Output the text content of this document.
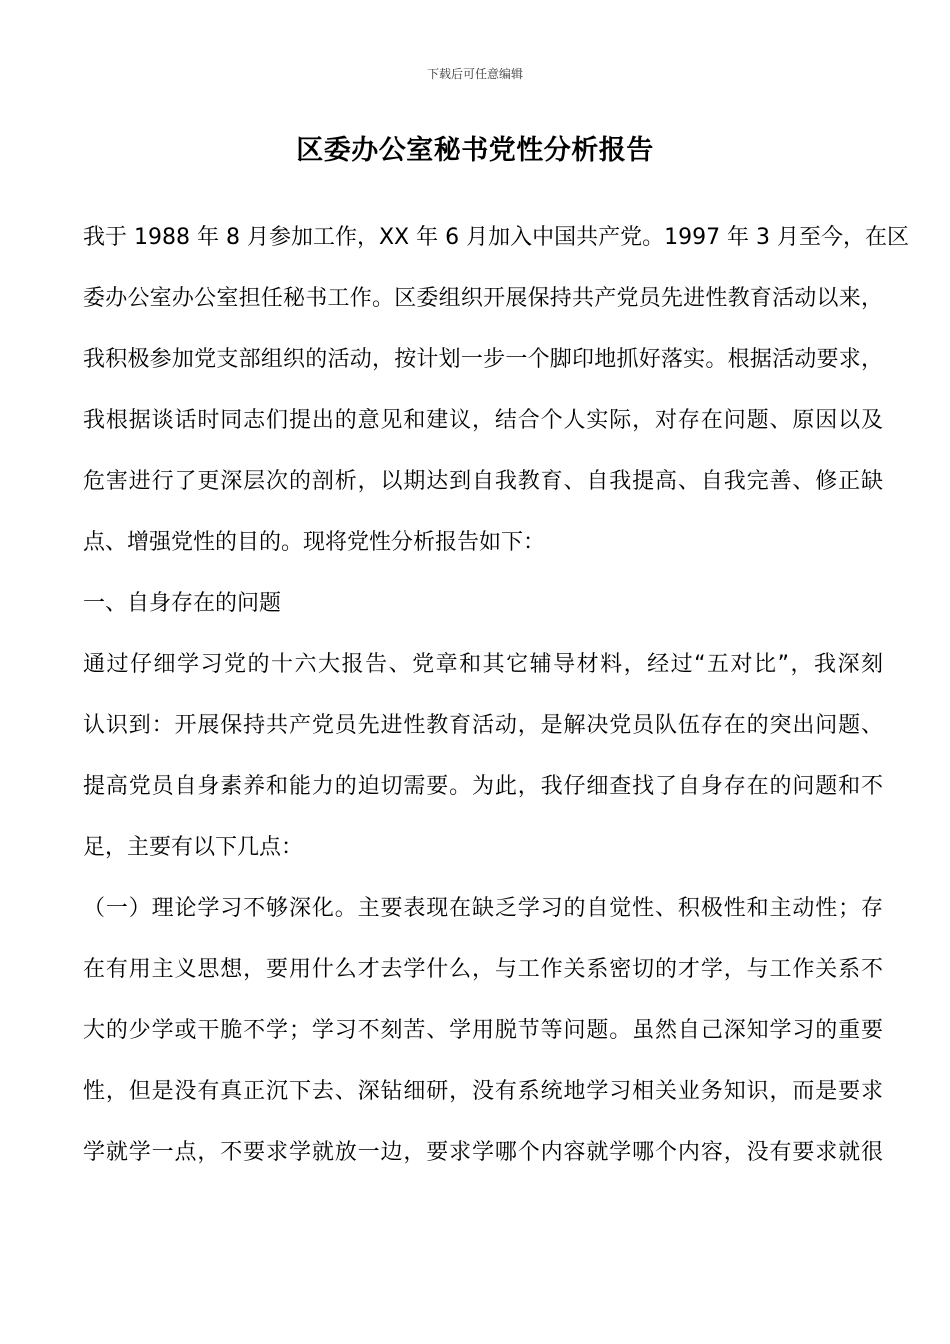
下载后可任意编辑
区委办公室秘书党性分析报告
我于 1988 年 8 月参加工作，XX 年 6 月加入中国共产党。1997 年 3 月至今，在区
委办公室办公室担任秘书工作。区委组织开展保持共产党员先进性教育活动以来，
我积极参加党支部组织的活动，按计划一步一个脚印地抓好落实。根据活动要求，
我根据谈话时同志们提出的意见和建议，结合个人实际，对存在问题、原因以及
危害进行了更深层次的剖析，以期达到自我教育、自我提高、自我完善、修正缺
点、增强党性的目的。现将党性分析报告如下：
一、自身存在的问题
通过仔细学习党的十六大报告、党章和其它辅导材料，经过“五对比”，我深刻
认识到：开展保持共产党员先进性教育活动，是解决党员队伍存在的突出问题、
提高党员自身素养和能力的迫切需要。为此，我仔细查找了自身存在的问题和不
足，主要有以下几点：
（一）理论学习不够深化。主要表现在缺乏学习的自觉性、积极性和主动性；存
在有用主义思想，要用什么才去学什么，与工作关系密切的才学，与工作关系不
大的少学或干脆不学；学习不刻苦、学用脱节等问题。虽然自己深知学习的重要
性，但是没有真正沉下去、深钻细研，没有系统地学习相关业务知识，而是要求
学就学一点，不要求学就放一边，要求学哪个内容就学哪个内容，没有要求就很
